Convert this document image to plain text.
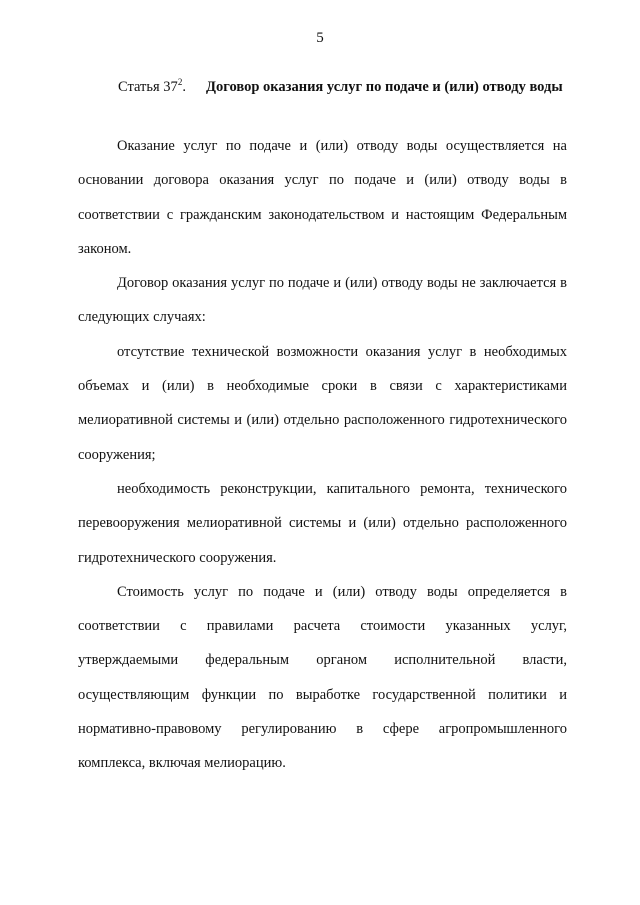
5
Статья $37^2$. Договор оказания услуг по подаче и (или) отводу воды

Оказание услуг по подаче и (или) отводу воды осуществляется на основании договора оказания услуг по подаче и (или) отводу воды в соответствии с гражданским законодательством и настоящим Федеральным законом.

Договор оказания услуг по подаче и (или) отводу воды не заключается в следующих случаях:

отсутствие технической возможности оказания услуг в необходимых объемах и (или) в необходимые сроки в связи с характеристиками мелиоративной системы и (или) отдельно расположенного гидротехнического сооружения;

необходимость реконструкции, капитального ремонта, технического перевооружения мелиоративной системы и (или) отдельно расположенного гидротехнического сооружения.

Стоимость услуг по подаче и (или) отводу воды определяется в соответствии с правилами расчета стоимости указанных услуг, утверждаемыми федеральным органом исполнительной власти, осуществляющим функции по выработке государственной политики и нормативно-правовому регулированию в сфере агропромышленного комплекса, включая мелиорацию.
